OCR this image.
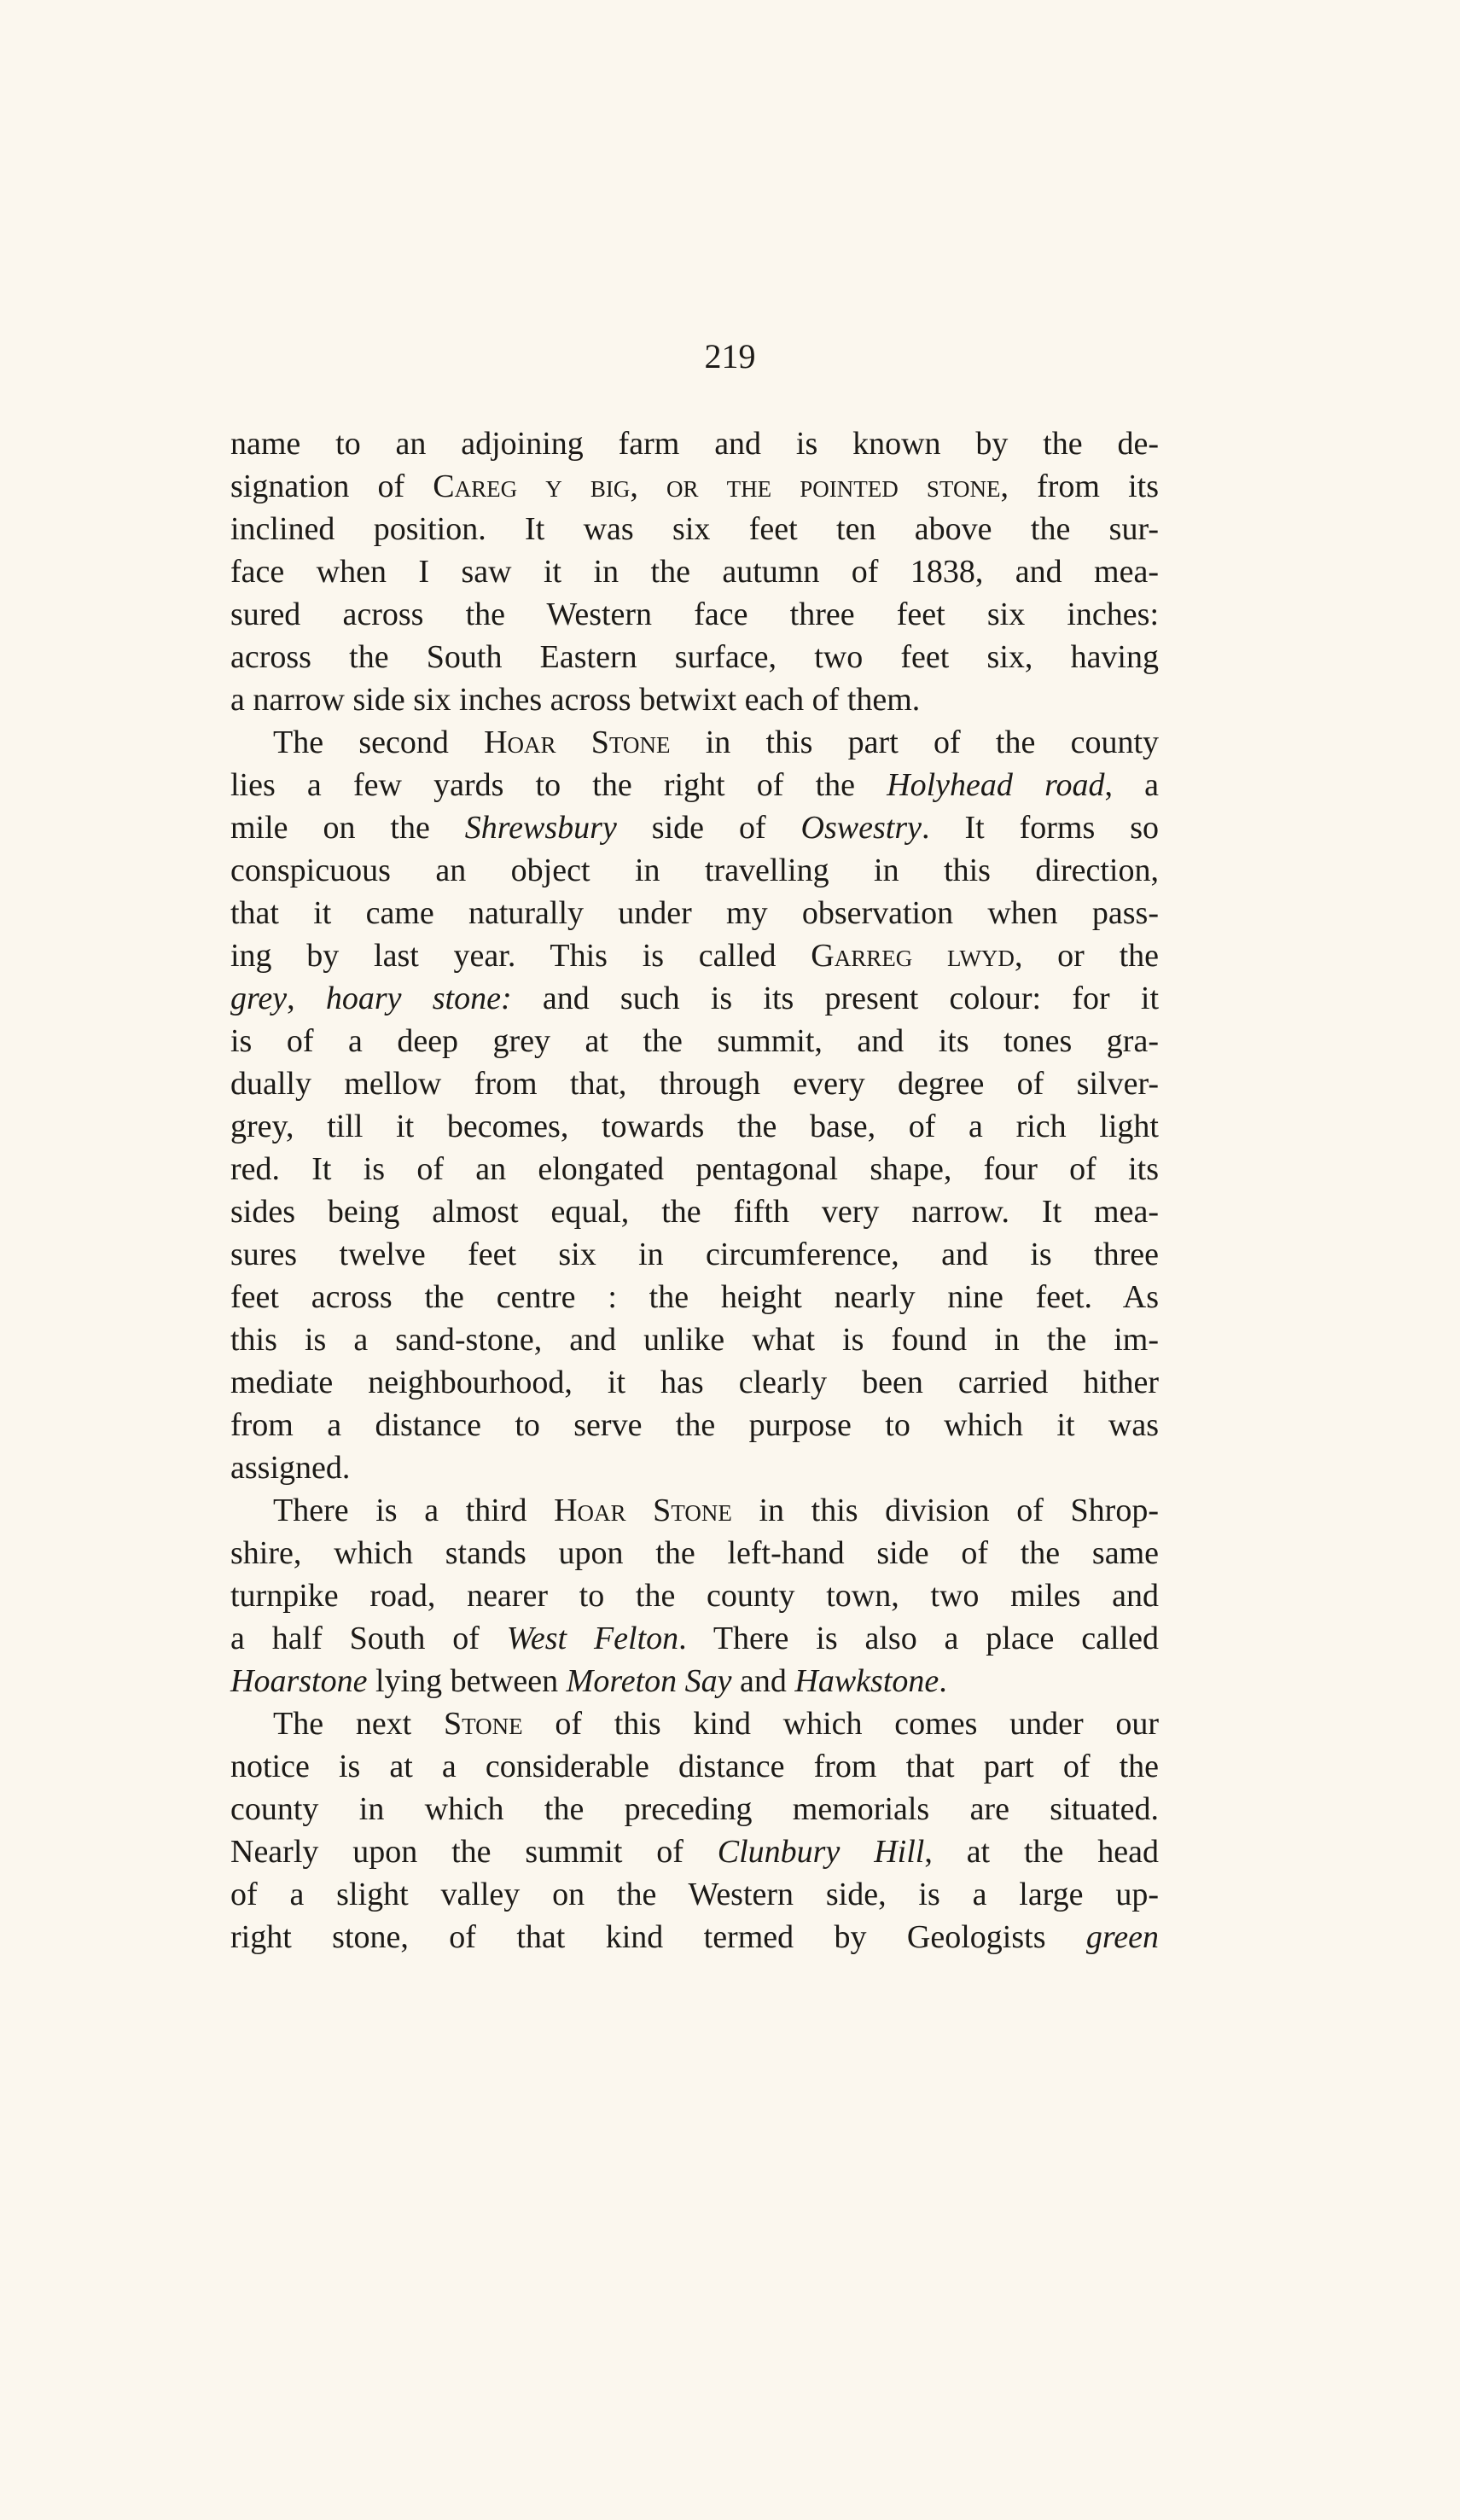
219
name to an adjoining farm and is known by the de-
signation of Careg y big, or the pointed stone, from its
inclined position. It was six feet ten above the sur-
face when I saw it in the autumn of 1838, and mea-
sured across the Western face three feet six inches:
across the South Eastern surface, two feet six, having
a narrow side six inches across betwixt each of them.
The second Hoar Stone in this part of the county
lies a few yards to the right of the Holyhead road, a
mile on the Shrewsbury side of Oswestry. It forms so
conspicuous an object in travelling in this direction,
that it came naturally under my observation when pass-
ing by last year. This is called Garreg lwyd, or the
grey, hoary stone: and such is its present colour: for it
is of a deep grey at the summit, and its tones gra-
dually mellow from that, through every degree of silver-
grey, till it becomes, towards the base, of a rich light
red. It is of an elongated pentagonal shape, four of its
sides being almost equal, the fifth very narrow. It mea-
sures twelve feet six in circumference, and is three
feet across the centre : the height nearly nine feet. As
this is a sand-stone, and unlike what is found in the im-
mediate neighbourhood, it has clearly been carried hither
from a distance to serve the purpose to which it was
assigned.
There is a third Hoar Stone in this division of Shrop-
shire, which stands upon the left-hand side of the same
turnpike road, nearer to the county town, two miles and
a half South of West Felton. There is also a place called
Hoarstone lying between Moreton Say and Hawkstone.
The next Stone of this kind which comes under our
notice is at a considerable distance from that part of the
county in which the preceding memorials are situated.
Nearly upon the summit of Clunbury Hill, at the head
of a slight valley on the Western side, is a large up-
right stone, of that kind termed by Geologists green
